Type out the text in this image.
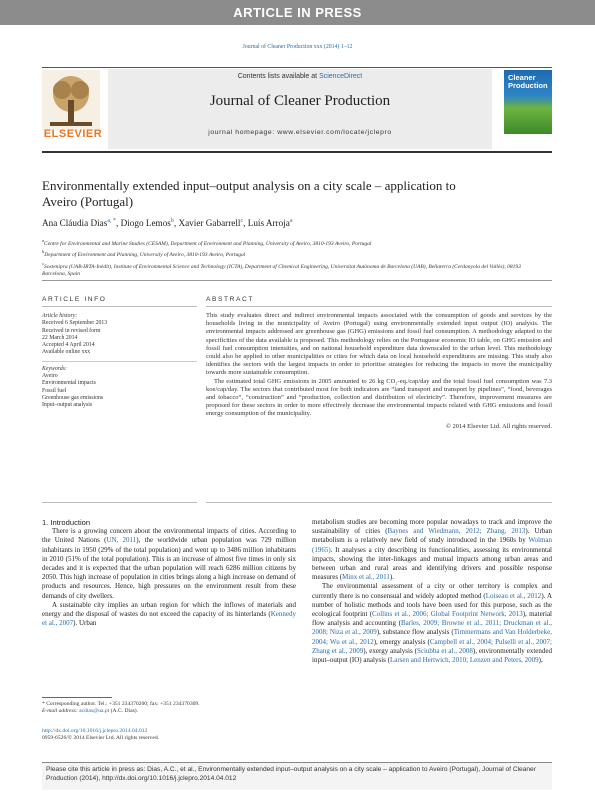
ARTICLE IN PRESS
Journal of Cleaner Production xxx (2014) 1–12
ELSEVIER
Contents lists available at ScienceDirect
Journal of Cleaner Production
journal homepage: www.elsevier.com/locate/jclepro
Cleaner Production
Environmentally extended input–output analysis on a city scale – application to Aveiro (Portugal)
Ana Cláudia Dias$^{a, *}$, Diogo Lemos$^b$, Xavier Gabarrell$^c$, Luís Arroja$^a$
$^a$Centre for Environmental and Marine Studies (CESAM), Department of Environment and Planning, University of Aveiro, 3810-193 Aveiro, Portugal
$^b$Department of Environment and Planning, University of Aveiro, 3810-193 Aveiro, Portugal
$^c$Sostenipra (UAB-IRTA-Inèdit), Institute of Environmental Science and Technology (ICTA), Department of Chemical Engineering, Universitat Autònoma de Barcelona (UAB), Bellaterra (Cerdanyola del Vallès), 08193 Barcelona, Spain
ARTICLE INFO	ABSTRACT
Article history:
Received 6 September 2013
Received in revised form
22 March 2014
Accepted 4 April 2014
Available online xxx
Keywords:
Aveiro
Environmental impacts
Fossil fuel
Greenhouse gas emissions
Input–output analysis

This study evaluates direct and indirect environmental impacts associated with the consumption of goods and services by the households living in the municipality of Aveiro (Portugal) using environmentally extended input output (IO) analysis. The environmental impacts addressed are greenhouse gas (GHG) emissions and fossil fuel consumption. A methodology adapted to the specificities of the data available is proposed. This methodology relies on the Portuguese economic IO table, on GHG emission and fossil fuel consumption intensities, and on national household expenditure data downscaled to the urban level. This methodology could also be applied to other municipalities or cities for which data on local household expenditures are missing. This study also identifies the sectors with the largest impacts in order to prioritise strategies for reducing the impacts to move the municipality towards more sustainable consumption.

The estimated total GHG emissions in 2005 amounted to 26 kg CO₂-eq./cap/day and the total fossil fuel consumption was 7.3 koe/cap/day. The sectors that contributed most for both indicators are “land transport and transport by pipelines”, “food, beverages and tobacco”, “construction” and “production, collection and distribution of electricity”. Therefore, improvement measures are proposed for these sectors in order to more effectively decrease the environmental impacts related with GHG emissions and fossil energy consumption of the municipality.

© 2014 Elsevier Ltd. All rights reserved.

1. Introduction

There is a growing concern about the environmental impacts of cities. According to the United Nations (UN, 2011), the worldwide urban population was 729 million inhabitants in 1950 (29% of the total population) and went up to 3486 million inhabitants in 2010 (51% of the total population). This is an increase of almost five times in only six decades and it is expected that the urban population will reach 6286 million citizens by 2050. This high increase of population in cities brings along a high increase on demand of products and resources. Hence, high pressures on the environment result from these demands of city dwellers.

A sustainable city implies an urban region for which the inflows of materials and energy and the disposal of wastes do not exceed the capacity of its hinterlands (Kennedy et al., 2007). Urban

metabolism studies are becoming more popular nowadays to track and improve the sustainability of cities (Baynes and Wiedmann, 2012; Zhang, 2013). Urban metabolism is a relatively new field of study introduced in the 1960s by Wolman (1965). It analyses a city describing its functionalities, assessing its environmental impacts, showing the inter-linkages and mutual impacts among urban areas and between urban and rural areas and identifying drivers and possible response measures (Minx et al., 2011).

The environmental assessment of a city or other territory is complex and currently there is no consensual and widely adopted method (Loiseau et al., 2012). A number of holistic methods and tools have been used for this purpose, such as the ecological footprint (Collins et al., 2006; Global Footprint Network, 2013), material flow analysis and accounting (Barles, 2009; Browne et al., 2011; Druckman et al., 2008; Niza et al., 2009), substance flow analysis (Timmermans and Van Holderbeke, 2004; Wu et al., 2012), emergy analysis (Campbell et al., 2004; Pulselli et al., 2007; Zhang et al., 2009), exergy analysis (Sciubba et al., 2008), environmentally extended input–output (IO) analysis (Larsen and Hertwich, 2010; Lenzen and Peters, 2009),

* Corresponding author. Tel.: +351 234370200; fax: +351 234370309.
E-mail address: acdias@ua.pt (A.C. Dias).
http://dx.doi.org/10.1016/j.jclepro.2014.04.012
0959-6526/© 2014 Elsevier Ltd. All rights reserved.
Please cite this article in press as: Dias, A.C., et al., Environmentally extended input–output analysis on a city scale – application to Aveiro (Portugal), Journal of Cleaner Production (2014), http://dx.doi.org/10.1016/j.jclepro.2014.04.012
